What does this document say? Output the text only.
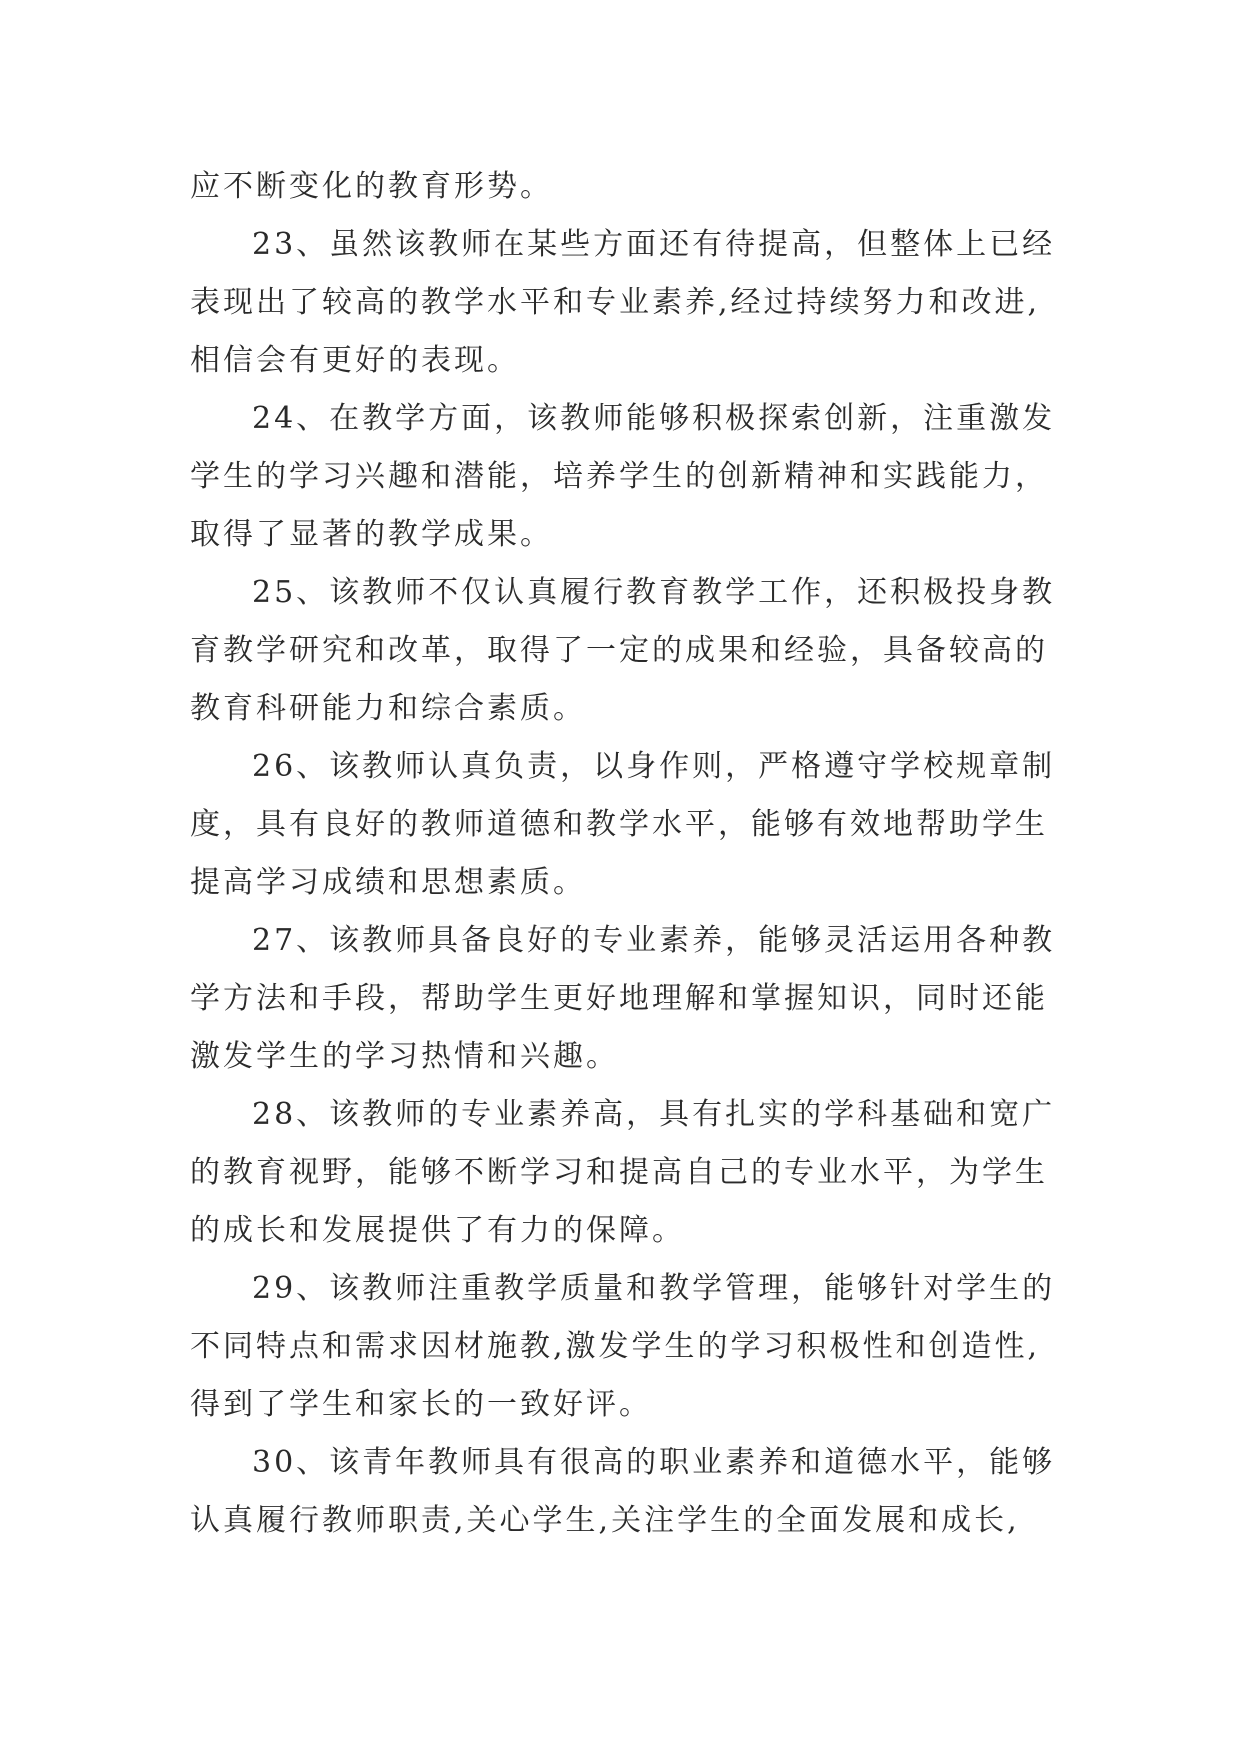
应不断变化的教育形势。
23、虽然该教师在某些方面还有待提高，但整体上已经
表现出了较高的教学水平和专业素养,经过持续努力和改进,
相信会有更好的表现。
24、在教学方面，该教师能够积极探索创新，注重激发
学生的学习兴趣和潜能，培养学生的创新精神和实践能力，
取得了显著的教学成果。
25、该教师不仅认真履行教育教学工作，还积极投身教
育教学研究和改革，取得了一定的成果和经验，具备较高的
教育科研能力和综合素质。
26、该教师认真负责，以身作则，严格遵守学校规章制
度，具有良好的教师道德和教学水平，能够有效地帮助学生
提高学习成绩和思想素质。
27、该教师具备良好的专业素养，能够灵活运用各种教
学方法和手段，帮助学生更好地理解和掌握知识，同时还能
激发学生的学习热情和兴趣。
28、该教师的专业素养高，具有扎实的学科基础和宽广
的教育视野，能够不断学习和提高自己的专业水平，为学生
的成长和发展提供了有力的保障。
29、该教师注重教学质量和教学管理，能够针对学生的
不同特点和需求因材施教,激发学生的学习积极性和创造性,
得到了学生和家长的一致好评。
30、该青年教师具有很高的职业素养和道德水平，能够
认真履行教师职责,关心学生,关注学生的全面发展和成长,
